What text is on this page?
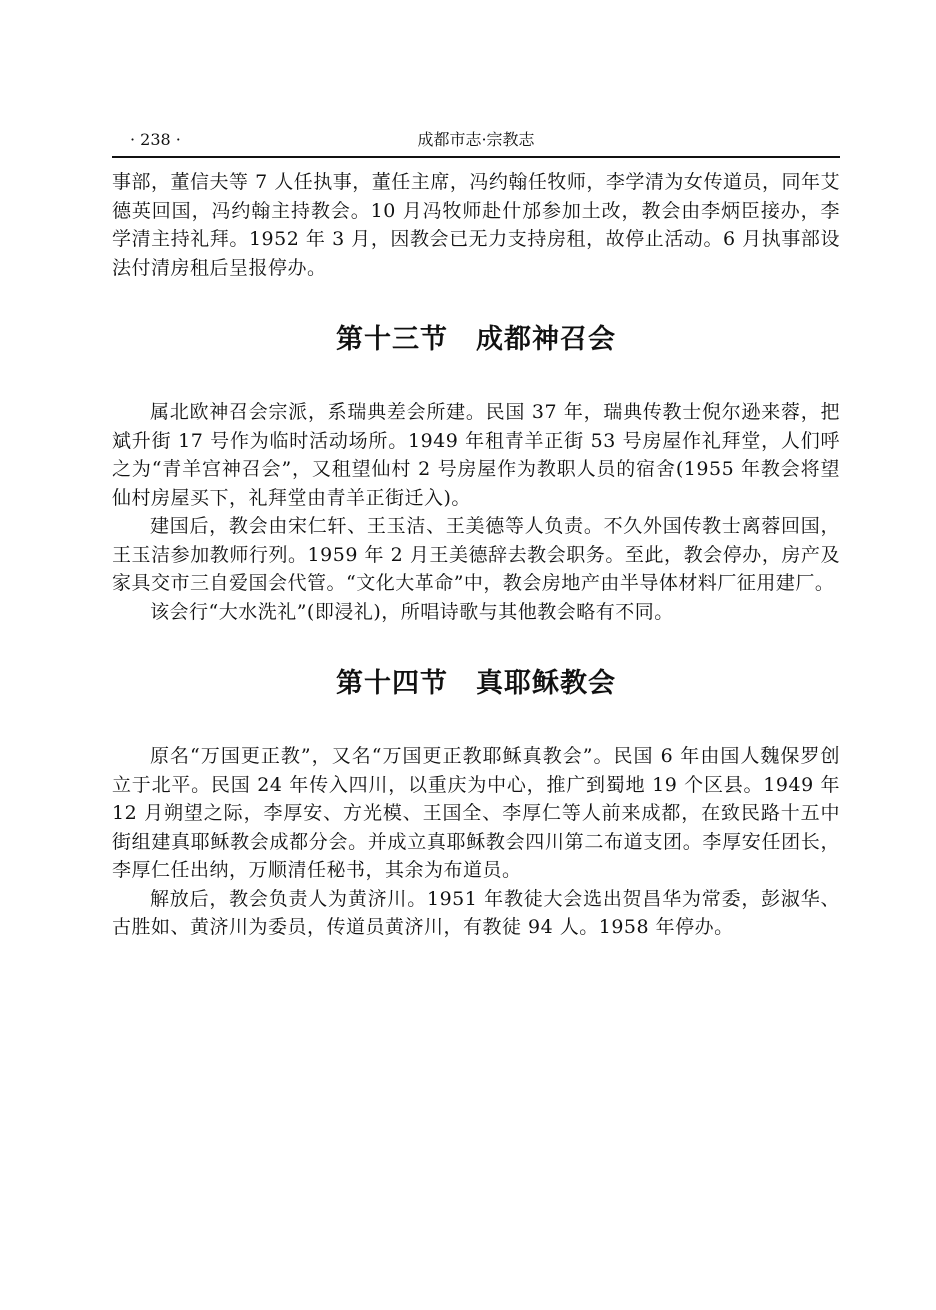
· 238 ·	成都市志·宗教志

事部，董信夫等 7 人任执事，董任主席，冯约翰任牧师，李学清为女传道员，同年艾德英回国，冯约翰主持教会。10 月冯牧师赴什邡参加土改，教会由李炳臣接办，李学清主持礼拜。1952 年 3 月，因教会已无力支持房租，故停止活动。6 月执事部设法付清房租后呈报停办。

第十三节　成都神召会

属北欧神召会宗派，系瑞典差会所建。民国 37 年，瑞典传教士倪尔逊来蓉，把斌升街 17 号作为临时活动场所。1949 年租青羊正街 53 号房屋作礼拜堂，人们呼之为“青羊宫神召会”，又租望仙村 2 号房屋作为教职人员的宿舍(1955 年教会将望仙村房屋买下，礼拜堂由青羊正街迁入)。

建国后，教会由宋仁轩、王玉洁、王美德等人负责。不久外国传教士离蓉回国，王玉洁参加教师行列。1959 年 2 月王美德辞去教会职务。至此，教会停办，房产及家具交市三自爱国会代管。“文化大革命”中，教会房地产由半导体材料厂征用建厂。

该会行“大水洗礼”(即浸礼)，所唱诗歌与其他教会略有不同。

第十四节　真耶稣教会

原名“万国更正教”，又名“万国更正教耶稣真教会”。民国 6 年由国人魏保罗创立于北平。民国 24 年传入四川，以重庆为中心，推广到蜀地 19 个区县。1949 年 12 月朔望之际，李厚安、方光模、王国全、李厚仁等人前来成都，在致民路十五中街组建真耶稣教会成都分会。并成立真耶稣教会四川第二布道支团。李厚安任团长，李厚仁任出纳，万顺清任秘书，其余为布道员。

解放后，教会负责人为黄济川。1951 年教徒大会选出贺昌华为常委，彭淑华、古胜如、黄济川为委员，传道员黄济川，有教徒 94 人。1958 年停办。
